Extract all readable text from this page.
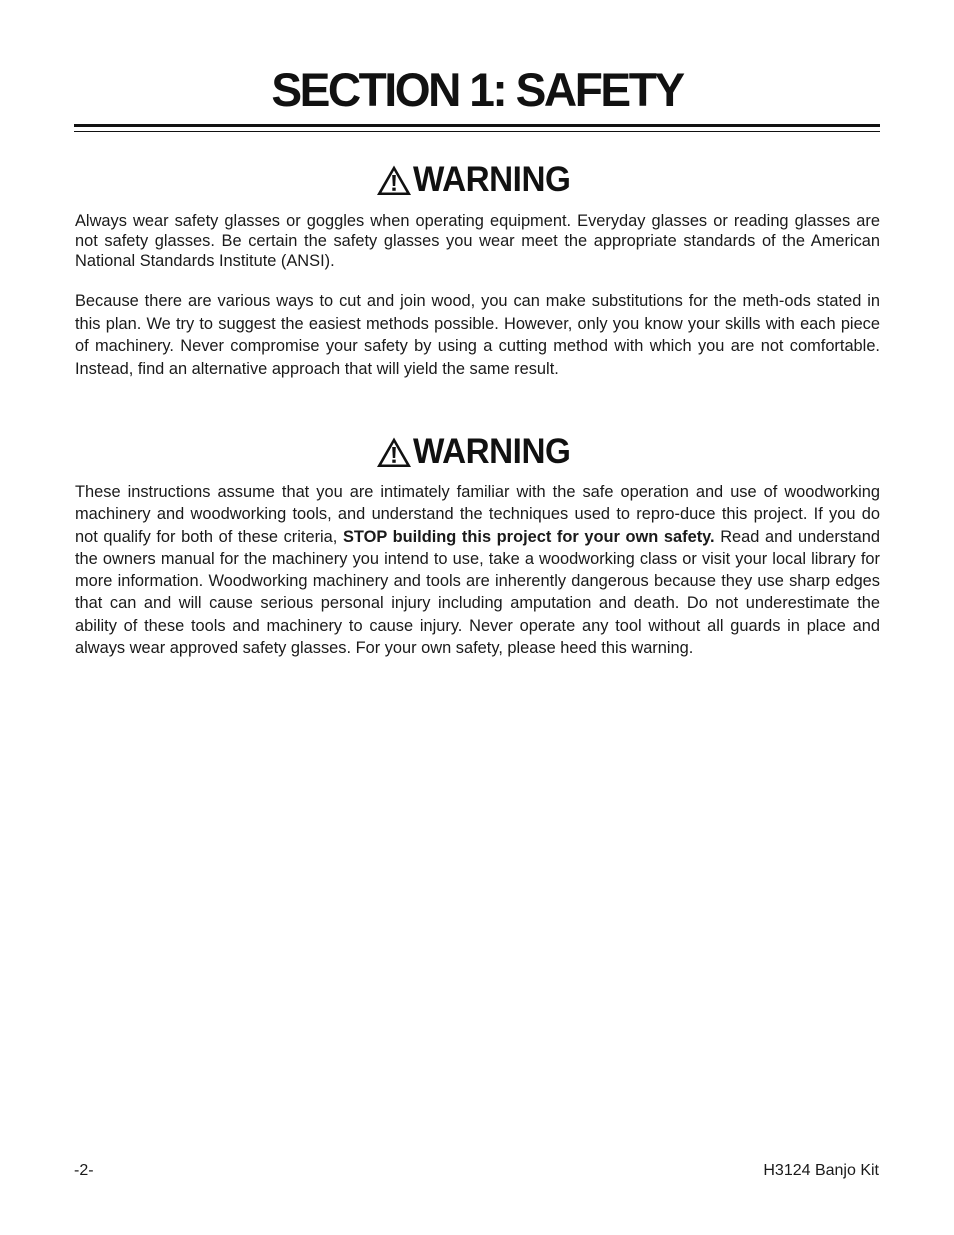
SECTION 1: SAFETY
WARNING

Always wear safety glasses or goggles when operating equipment. Everyday glasses or reading glasses are not safety glasses. Be certain the safety glasses you wear meet the appropriate standards of the American National Standards Institute (ANSI).

Because there are various ways to cut and join wood, you can make substitutions for the meth-ods stated in this plan. We try to suggest the easiest methods possible. However, only you know your skills with each piece of machinery. Never compromise your safety by using a cutting method with which you are not comfortable. Instead, find an alternative approach that will yield the same result.

WARNING

These instructions assume that you are intimately familiar with the safe operation and use of woodworking machinery and woodworking tools, and understand the techniques used to repro-duce this project. If you do not qualify for both of these criteria, STOP building this project for your own safety. Read and understand the owners manual for the machinery you intend to use, take a woodworking class or visit your local library for more information. Woodworking machinery and tools are inherently dangerous because they use sharp edges that can and will cause serious personal injury including amputation and death. Do not underestimate the ability of these tools and machinery to cause injury. Never operate any tool without all guards in place and always wear approved safety glasses. For your own safety, please heed this warning.

-2-	H3124 Banjo Kit
